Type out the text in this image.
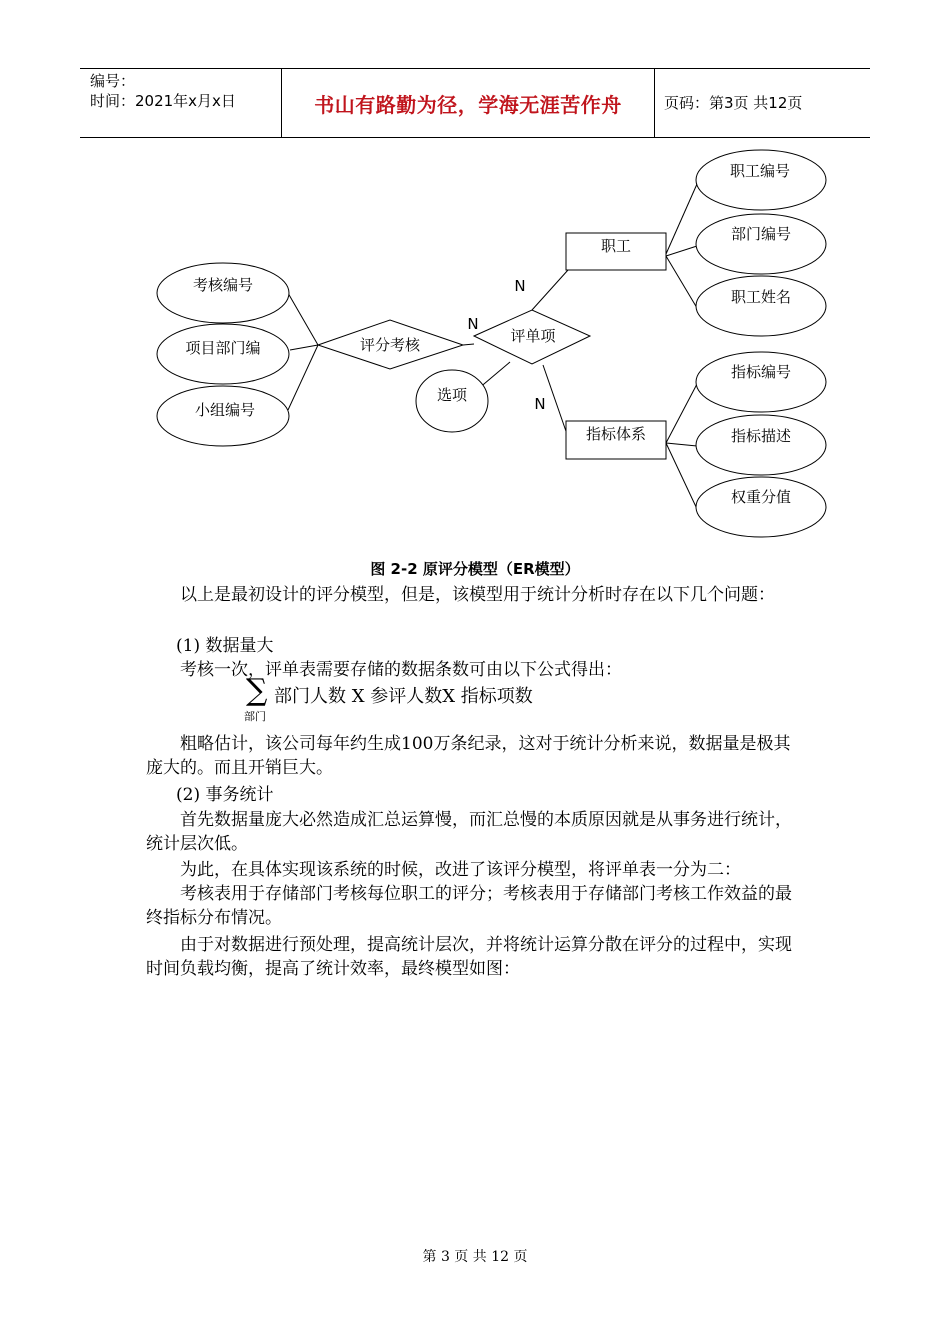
编号：
时间：2021年x月x日	书山有路勤为径，学海无涯苦作舟	页码：第3页 共12页
考核编号
项目部门编
小组编号
评分考核	评单项
选项
职工
指标体系
职工编号
部门编号
职工姓名
指标编号
指标描述
权重分值
N
N
N
图 2-2 原评分模型（ER模型）

以上是最初设计的评分模型，但是，该模型用于统计分析时存在以下几个问题：

(1) 数据量大

考核一次，评单表需要存储的数据条数可由以下公式得出：

∑
部门
部门人数 X 参评人数X 指标项数

粗略估计，该公司每年约生成100万条纪录，这对于统计分析来说，数据量是极其庞大的。而且开销巨大。

(2) 事务统计

首先数据量庞大必然造成汇总运算慢，而汇总慢的本质原因就是从事务进行统计，统计层次低。

为此，在具体实现该系统的时候，改进了该评分模型，将评单表一分为二：

考核表用于存储部门考核每位职工的评分；考核表用于存储部门考核工作效益的最终指标分布情况。

由于对数据进行预处理，提高统计层次，并将统计运算分散在评分的过程中，实现时间负载均衡，提高了统计效率，最终模型如图：

第 3 页 共 12 页
